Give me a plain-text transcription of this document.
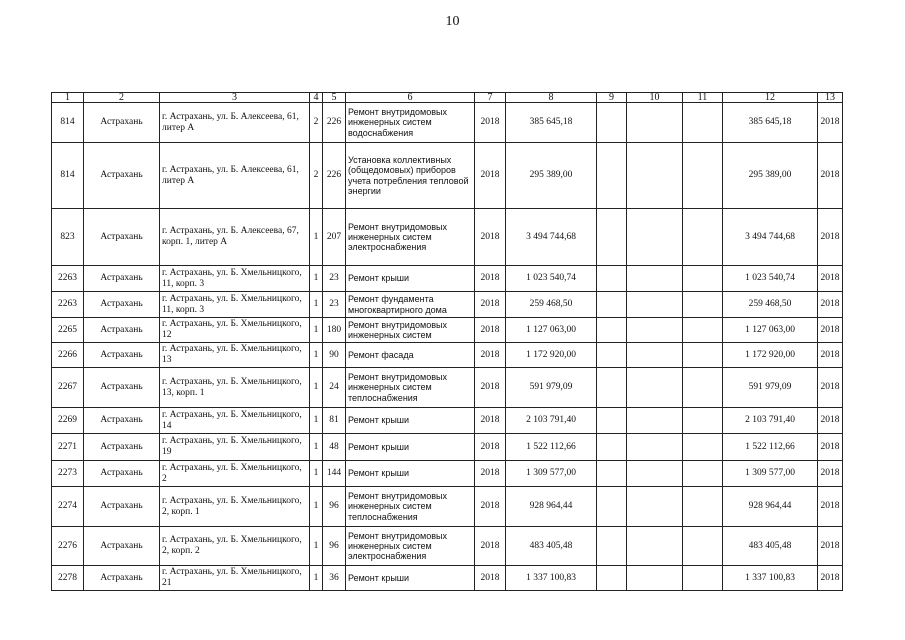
10
1	2	3	4	5	6	7	8	9	10	11	12	13
814	Астрахань	г. Астрахань, ул. Б. Алексеева, 61, литер А	2	226	Ремонт внутридомовых инженерных систем водоснабжения	2018	385 645,18				385 645,18	2018
814	Астрахань	г. Астрахань, ул. Б. Алексеева, 61, литер А	2	226	Установка коллективных (общедомовых) приборов учета потребления тепловой энергии	2018	295 389,00				295 389,00	2018
823	Астрахань	г. Астрахань, ул. Б. Алексеева, 67, корп. 1, литер А	1	207	Ремонт внутридомовых инженерных систем электроснабжения	2018	3 494 744,68				3 494 744,68	2018
2263	Астрахань	г. Астрахань, ул. Б. Хмельницкого, 11, корп. 3	1	23	Ремонт крыши	2018	1 023 540,74				1 023 540,74	2018
2263	Астрахань	г. Астрахань, ул. Б. Хмельницкого, 11, корп. 3	1	23	Ремонт фундамента многоквартирного дома	2018	259 468,50				259 468,50	2018
2265	Астрахань	г. Астрахань, ул. Б. Хмельницкого, 12	1	180	Ремонт внутридомовых инженерных систем	2018	1 127 063,00				1 127 063,00	2018
2266	Астрахань	г. Астрахань, ул. Б. Хмельницкого, 13	1	90	Ремонт фасада	2018	1 172 920,00				1 172 920,00	2018
2267	Астрахань	г. Астрахань, ул. Б. Хмельницкого, 13, корп. 1	1	24	Ремонт внутридомовых инженерных систем теплоснабжения	2018	591 979,09				591 979,09	2018
2269	Астрахань	г. Астрахань, ул. Б. Хмельницкого, 14	1	81	Ремонт крыши	2018	2 103 791,40				2 103 791,40	2018
2271	Астрахань	г. Астрахань, ул. Б. Хмельницкого, 19	1	48	Ремонт крыши	2018	1 522 112,66				1 522 112,66	2018
2273	Астрахань	г. Астрахань, ул. Б. Хмельницкого, 2	1	144	Ремонт крыши	2018	1 309 577,00				1 309 577,00	2018
2274	Астрахань	г. Астрахань, ул. Б. Хмельницкого, 2, корп. 1	1	96	Ремонт внутридомовых инженерных систем теплоснабжения	2018	928 964,44				928 964,44	2018
2276	Астрахань	г. Астрахань, ул. Б. Хмельницкого, 2, корп. 2	1	96	Ремонт внутридомовых инженерных систем электроснабжения	2018	483 405,48				483 405,48	2018
2278	Астрахань	г. Астрахань, ул. Б. Хмельницкого, 21	1	36	Ремонт крыши	2018	1 337 100,83				1 337 100,83	2018
